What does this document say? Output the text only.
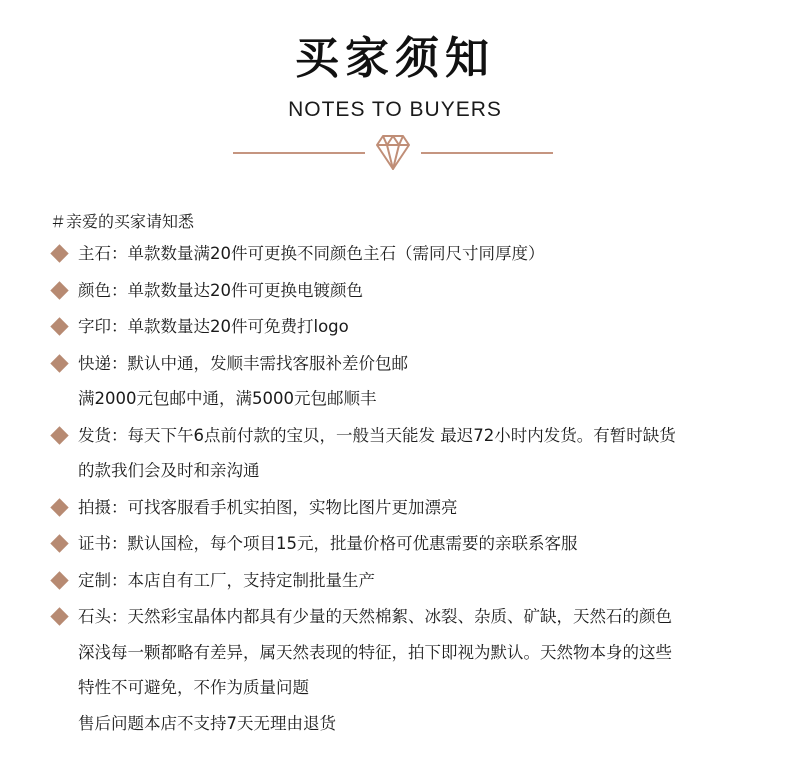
买家须知
NOTES TO BUYERS
＃亲爱的买家请知悉
主石：单款数量满20件可更换不同颜色主石（需同尺寸同厚度）
颜色：单款数量达20件可更换电镀颜色
字印：单款数量达20件可免费打logo
快递：默认中通，发顺丰需找客服补差价包邮
满2000元包邮中通，满5000元包邮顺丰
发货：每天下午6点前付款的宝贝，一般当天能发 最迟72小时内发货。有暂时缺货
的款我们会及时和亲沟通
拍摄：可找客服看手机实拍图，实物比图片更加漂亮
证书：默认国检，每个项目15元，批量价格可优惠需要的亲联系客服
定制：本店自有工厂，支持定制批量生产
石头：天然彩宝晶体内都具有少量的天然棉絮、冰裂、杂质、矿缺，天然石的颜色
深浅每一颗都略有差异，属天然表现的特征，拍下即视为默认。天然物本身的这些
特性不可避免，不作为质量问题
售后问题本店不支持7天无理由退货
